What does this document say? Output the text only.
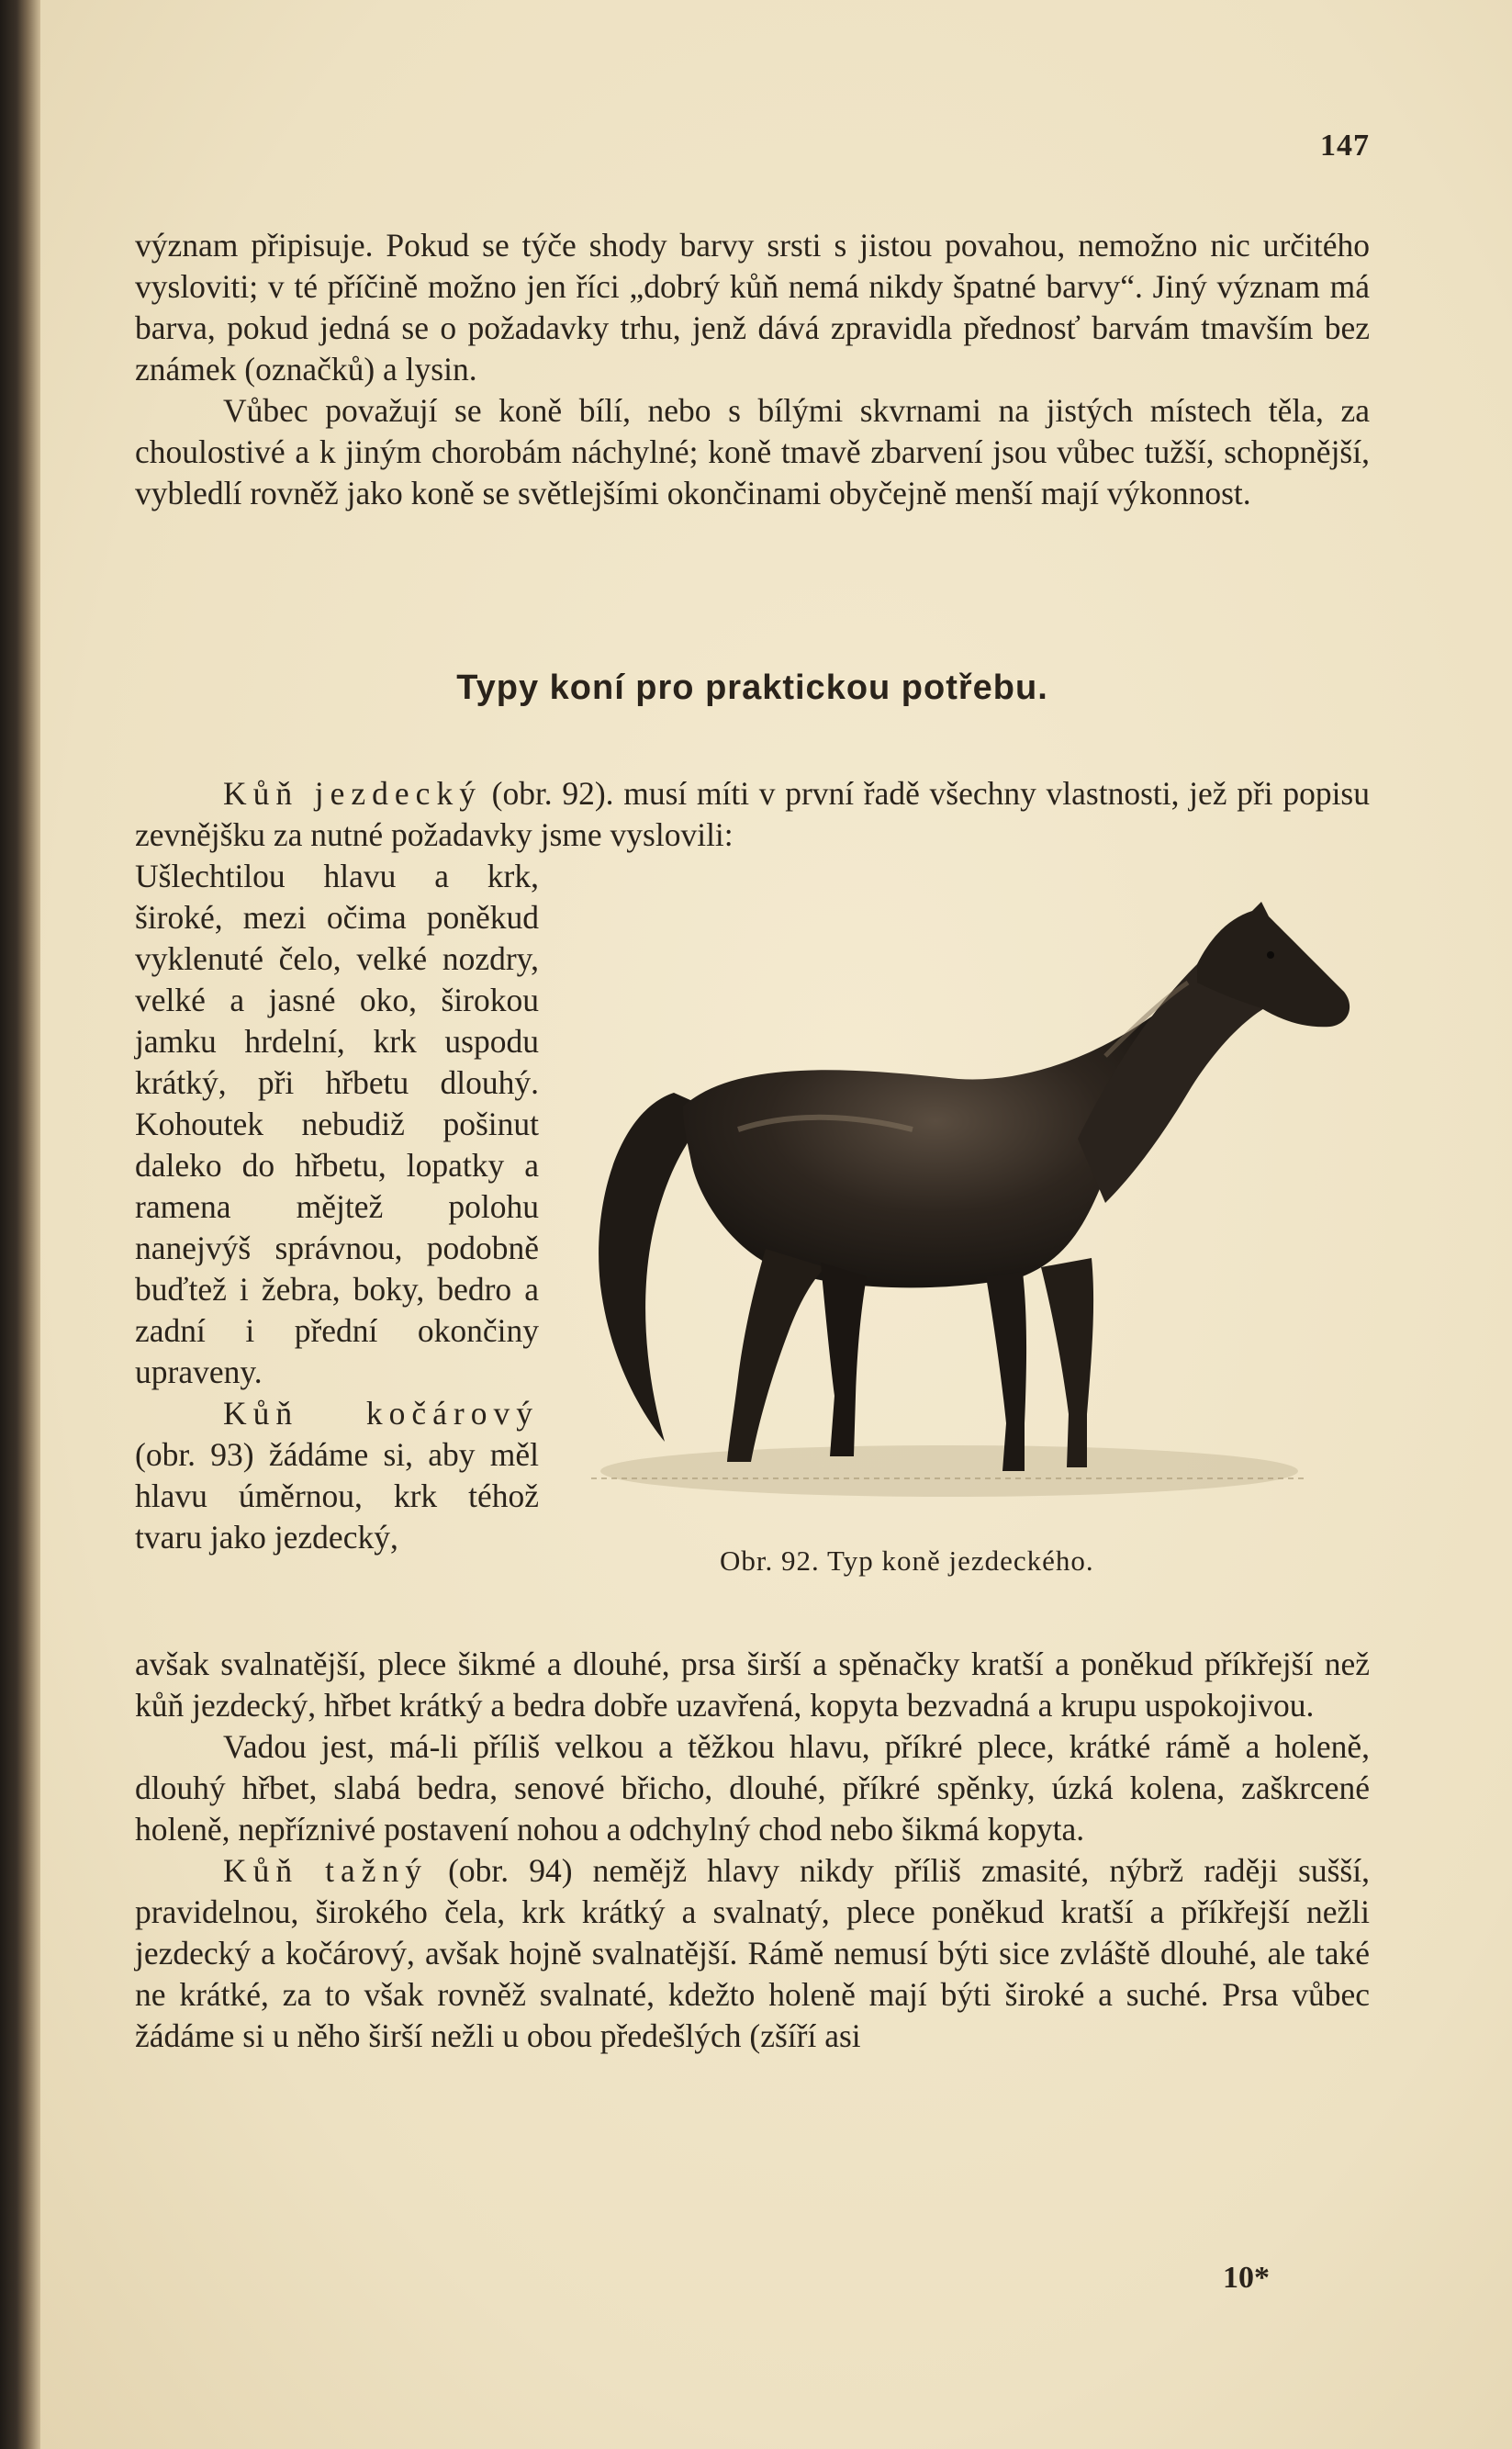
147

význam připisuje. Pokud se týče shody barvy srsti s jistou povahou, nemožno nic určitého vysloviti; v té příčině možno jen říci „dobrý kůň nemá nikdy špatné barvy“. Jiný význam má barva, pokud jedná se o požadavky trhu, jenž dává zpravidla přednosť barvám tmavším bez známek (označků) a lysin.

Vůbec považují se koně bílí, nebo s bílými skvrnami na jistých místech těla, za choulostivé a k jiným chorobám náchylné; koně tmavě zbarvení jsou vůbec tužší, schopnější, vybledlí rovněž jako koně se světlejšími okončinami obyčejně menší mají výkonnost.

Typy koní pro praktickou potřebu.

Kůň jezdecký (obr. 92). musí míti v první řadě všechny vlastnosti, jež při popisu zevnějšku za nutné požadavky jsme vyslovili:

Ušlechtilou hlavu a krk, široké, mezi očima poněkud vyklenuté čelo, velké nozdry, velké a jasné oko, širokou jamku hrdelní, krk uspodu krátký, při hřbetu dlouhý. Kohoutek nebudiž pošinut daleko do hřbetu, lopatky a ramena mějtež polohu nanejvýš správnou, podobně buďtež i žebra, boky, bedro a zadní i přední okončiny upraveny.

Kůň kočárový (obr. 93) žádáme si, aby měl hlavu úměrnou, krk téhož tvaru jako jezdecký,

Obr. 92. Typ koně jezdeckého.

avšak svalnatější, plece šikmé a dlouhé, prsa širší a spěnačky kratší a poněkud příkřejší než kůň jezdecký, hřbet krátký a bedra dobře uzavřená, kopyta bezvadná a krupu uspokojivou.

Vadou jest, má-li příliš velkou a těžkou hlavu, příkré plece, krátké rámě a holeně, dlouhý hřbet, slabá bedra, senové břicho, dlouhé, příkré spěnky, úzká kolena, zaškrcené holeně, nepříznivé postavení nohou a odchylný chod nebo šikmá kopyta.

Kůň tažný (obr. 94) nemějž hlavy nikdy příliš zmasité, nýbrž raději sušší, pravidelnou, širokého čela, krk krátký a svalnatý, plece poněkud kratší a příkřejší nežli jezdecký a kočárový, avšak hojně svalnatější. Rámě nemusí býti sice zvláště dlouhé, ale také ne krátké, za to však rovněž svalnaté, kdežto holeně mají býti široké a suché. Prsa vůbec žádáme si u něho širší nežli u obou předešlých (zšíří asi

10*
